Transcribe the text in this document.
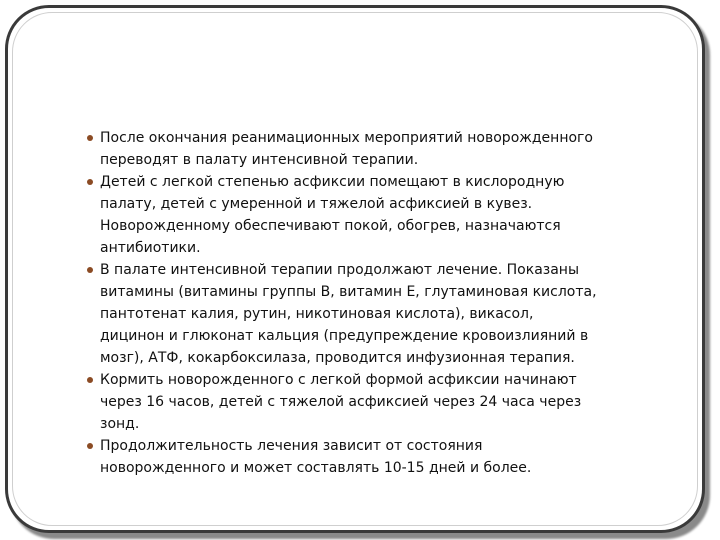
После окончания реанимационных мероприятий новорожденного
переводят в палату интенсивной терапии.
Детей с легкой степенью асфиксии помещают в кислородную
палату, детей с умеренной и тяжелой асфиксией в кувез.
Новорожденному обеспечивают покой, обогрев, назначаются
антибиотики.
В палате интенсивной терапии продолжают лечение. Показаны
витамины (витамины группы В, витамин Е, глутаминовая кислота,
пантотенат калия, рутин, никотиновая кислота), викасол,
дицинон и глюконат кальция (предупреждение кровоизлияний в
мозг), АТФ, кокарбоксилаза, проводится инфузионная терапия.
Кормить новорожденного с легкой формой асфиксии начинают
через 16 часов, детей с тяжелой асфиксией через 24 часа через
зонд.
Продолжительность лечения зависит от состояния
новорожденного и может составлять 10-15 дней и более.
